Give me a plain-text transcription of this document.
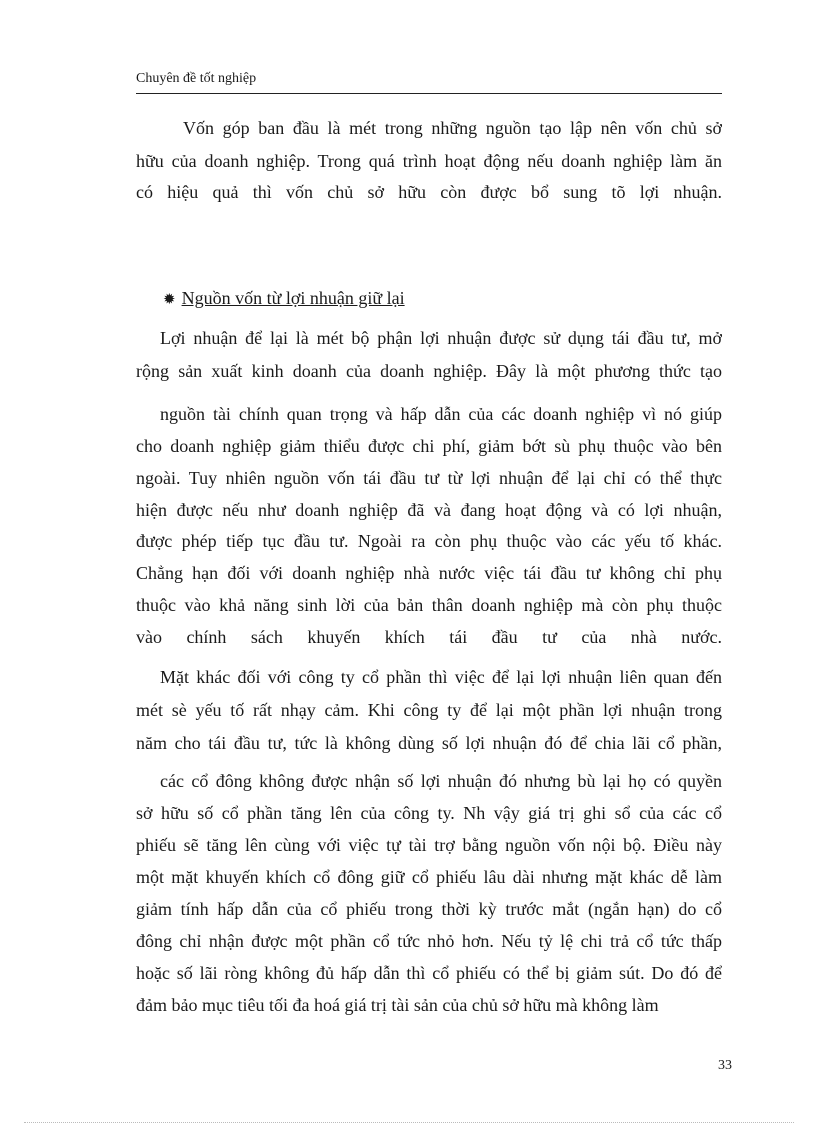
Chuyên đề tốt nghiệp
Vốn góp ban đầu là mét trong những nguồn tạo lập nên vốn chủ sở
hữu của doanh nghiệp. Trong quá trình hoạt động nếu doanh nghiệp làm ăn
có hiệu quả thì vốn chủ sở hữu còn được bổ sung tõ lợi nhuận.
✹ Nguồn vốn từ lợi nhuận giữ lại
Lợi nhuận để lại là mét bộ phận lợi nhuận được sử dụng tái đầu tư, mở
rộng sản xuất kinh doanh của doanh nghiệp. Đây là một phương thức tạo
nguồn tài chính quan trọng và hấp dẫn của các doanh nghiệp vì nó giúp
cho doanh nghiệp giảm thiểu được chi phí, giảm bớt sù phụ thuộc vào bên
ngoài. Tuy nhiên nguồn vốn tái đầu tư từ lợi nhuận để lại chỉ có thể thực
hiện được nếu như doanh nghiệp đã và đang hoạt động và có lợi nhuận,
được phép tiếp tục đầu tư. Ngoài ra còn phụ thuộc vào các yếu tố khác.
Chẳng hạn đối với doanh nghiệp nhà nước việc tái đầu tư không chỉ phụ
thuộc vào khả năng sinh lời của bản thân doanh nghiệp mà còn phụ thuộc
vào chính sách khuyến khích tái đầu tư của nhà nước.
Mặt khác đối với công ty cổ phần thì việc để lại lợi nhuận liên quan đến
mét sè yếu tố rất nhạy cảm. Khi công ty để lại một phần lợi nhuận trong
năm cho tái đầu tư, tức là không dùng số lợi nhuận đó để chia lãi cổ phần,
các cổ đông không được nhận số lợi nhuận đó nhưng bù lại họ có quyền
sở hữu số cổ phần tăng lên của công ty. Nh vậy giá trị ghi sổ của các cổ
phiếu sẽ tăng lên cùng với việc tự tài trợ bằng nguồn vốn nội bộ. Điều này
một mặt khuyến khích cổ đông giữ cổ phiếu lâu dài nhưng mặt khác dễ làm
giảm tính hấp dẫn của cổ phiếu trong thời kỳ trước mắt (ngắn hạn) do cổ
đông chỉ nhận được một phần cổ tức nhỏ hơn. Nếu tỷ lệ chi trả cổ tức thấp
hoặc số lãi ròng không đủ hấp dẫn thì cổ phiếu có thể bị giảm sút. Do đó để
đảm bảo mục tiêu tối đa hoá giá trị tài sản của chủ sở hữu mà không làm
33
